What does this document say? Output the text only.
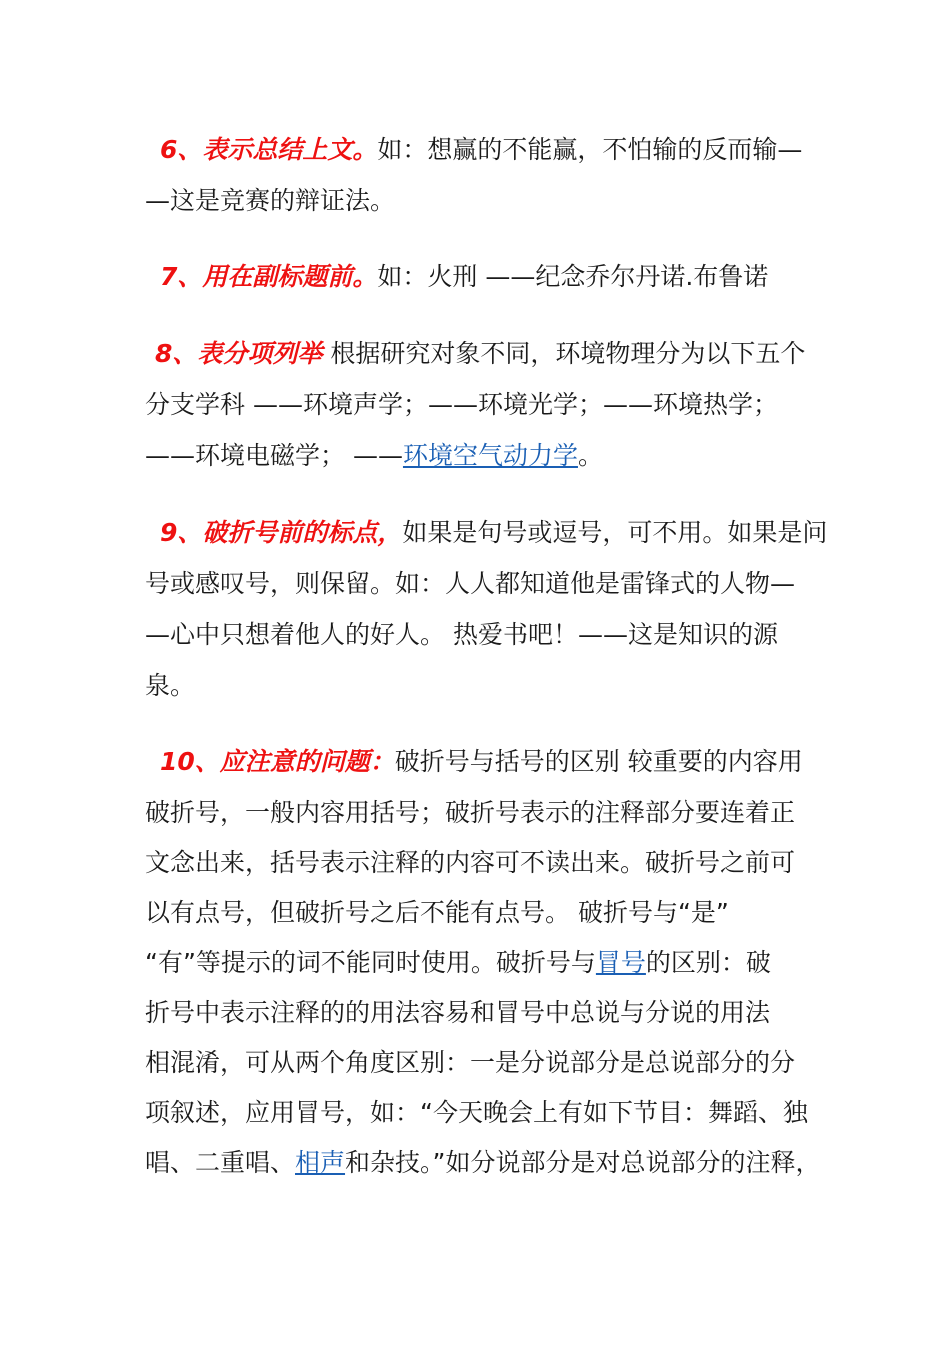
6、表示总结上文。如：想赢的不能赢，不怕输的反而输—
—这是竞赛的辩证法。
7、用在副标题前。如：火刑 ——纪念乔尔丹诺.布鲁诺
8、表分项列举 根据研究对象不同，环境物理分为以下五个
分支学科 ——环境声学；——环境光学；——环境热学；
——环境电磁学； ——环境空气动力学。
9、破折号前的标点，如果是句号或逗号，可不用。如果是问
号或感叹号，则保留。如：人人都知道他是雷锋式的人物—
—心中只想着他人的好人。 热爱书吧！——这是知识的源
泉。
10、应注意的问题：破折号与括号的区别 较重要的内容用
破折号，一般内容用括号；破折号表示的注释部分要连着正
文念出来，括号表示注释的内容可不读出来。破折号之前可
以有点号，但破折号之后不能有点号。 破折号与“是”
“有”等提示的词不能同时使用。破折号与冒号的区别：破
折号中表示注释的的用法容易和冒号中总说与分说的用法
相混淆，可从两个角度区别：一是分说部分是总说部分的分
项叙述，应用冒号，如：“今天晚会上有如下节目：舞蹈、独
唱、二重唱、相声和杂技。”如分说部分是对总说部分的注释，
